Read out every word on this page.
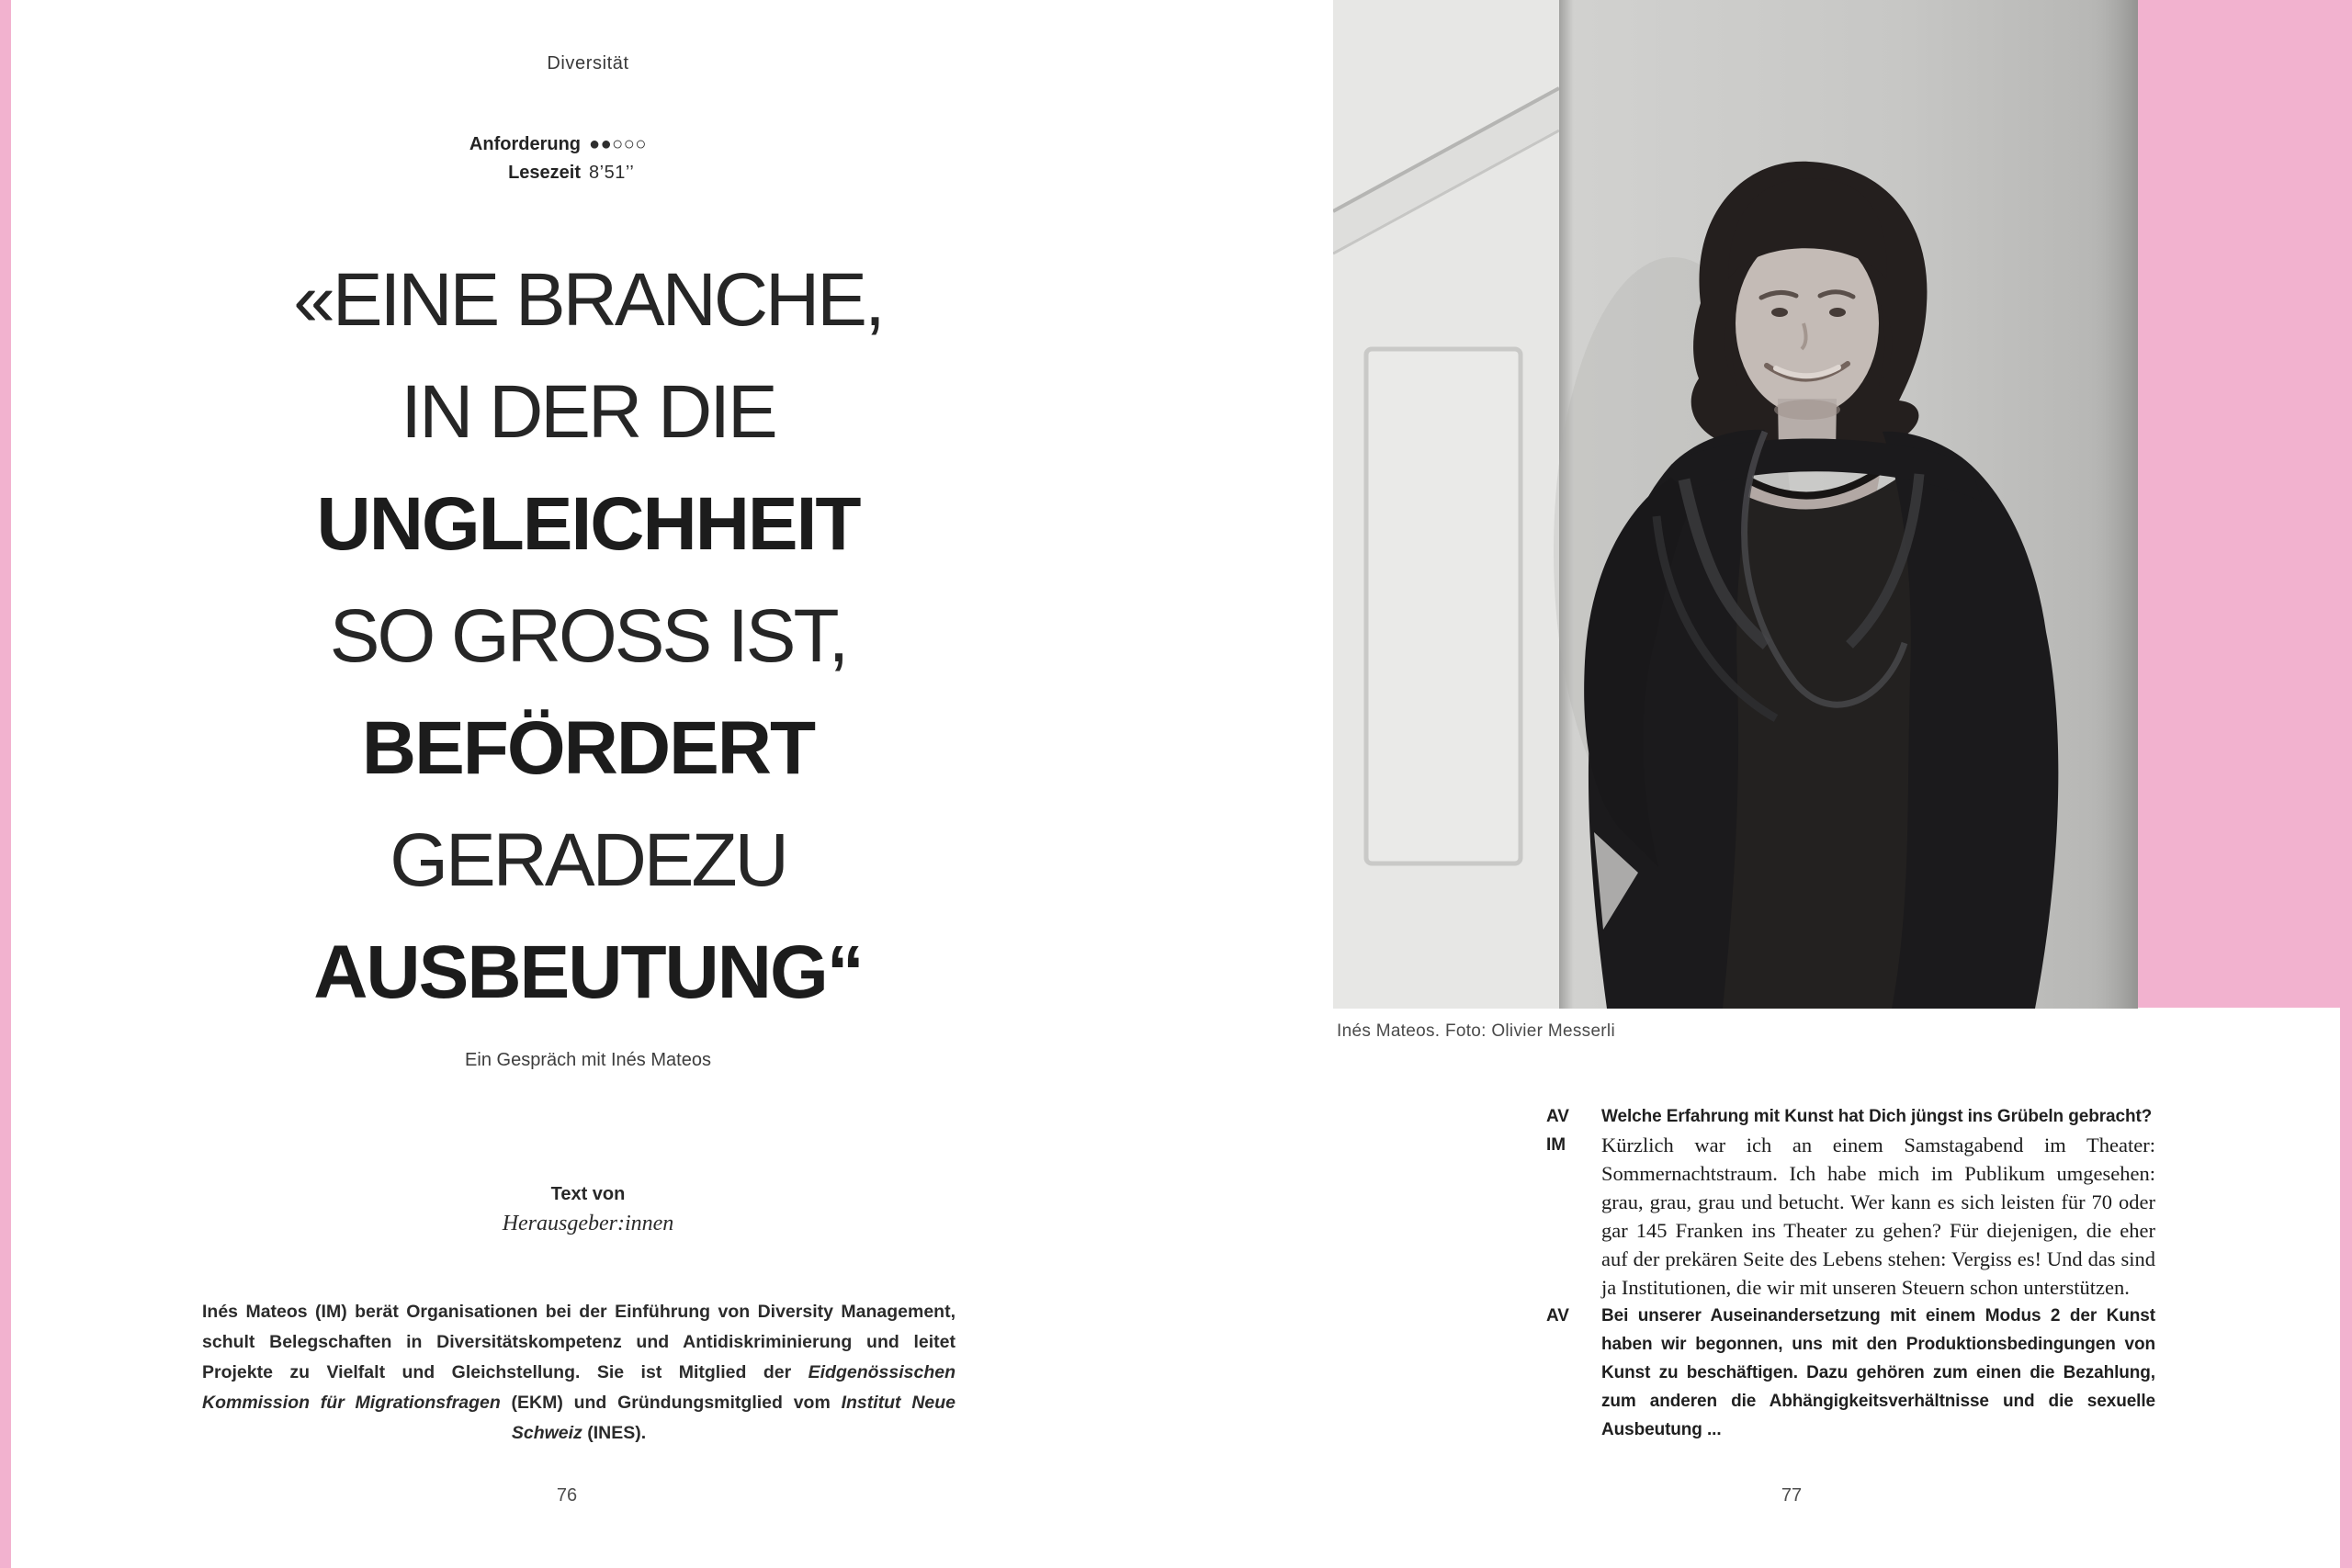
Inés Mateos. Foto: Olivier Messerli
Diversität
Anforderung ●●○○○
Lesezeit 8’51’’
«EINE BRANCHE,
IN DER DIE
UNGLEICHHEIT
SO GROSS IST,
BEFÖRDERT
GERADEZU
AUSBEUTUNG“
Ein Gespräch mit Inés Mateos
Text von
Herausgeber:innen
Inés Mateos (IM) berät Organisationen bei der Einführung von Diversity Management, schult Belegschaften in Diversitätskompetenz und Antidiskriminierung und leitet Projekte zu Vielfalt und Gleichstellung. Sie ist Mitglied der Eidgenössischen Kommission für Migrationsfragen (EKM) und Gründungsmitglied vom Institut Neue Schweiz (INES).
76	77
AV	Welche Erfahrung mit Kunst hat Dich jüngst ins Grübeln gebracht?
IM	Kürzlich war ich an einem Samstagabend im Theater: Sommernachtstraum. Ich habe mich im Publikum umgesehen: grau, grau, grau und betucht. Wer kann es sich leisten für 70 oder gar 145 Franken ins Theater zu gehen? Für diejenigen, die eher auf der prekären Seite des Lebens stehen: Vergiss es! Und das sind ja Institutionen, die wir mit unseren Steuern schon unterstützen.
AV	Bei unserer Auseinandersetzung mit einem Modus 2 der Kunst haben wir begonnen, uns mit den Produktionsbedingungen von Kunst zu beschäftigen. Dazu gehören zum einen die Bezahlung, zum anderen die Abhängigkeitsverhältnisse und die sexuelle Ausbeutung ...
